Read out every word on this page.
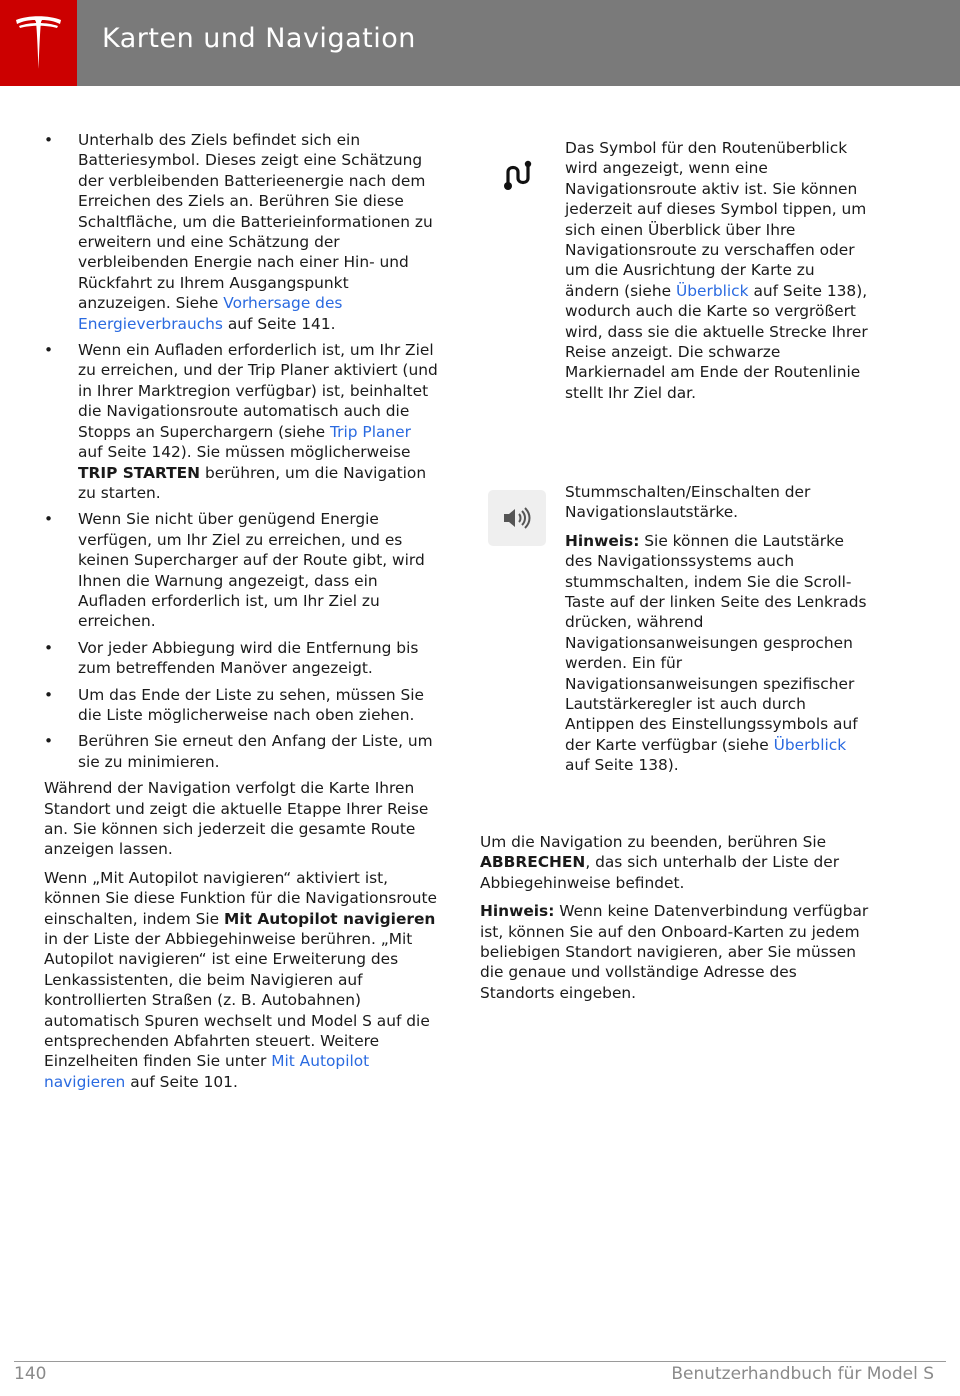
Karten und Navigation
•	Unterhalb des Ziels befindet sich ein Batteriesymbol. Dieses zeigt eine Schätzung der verbleibenden Batterieenergie nach dem Erreichen des Ziels an. Berühren Sie diese Schaltfläche, um die Batterieinformationen zu erweitern und eine Schätzung der verbleibenden Energie nach einer Hin- und Rückfahrt zu Ihrem Ausgangspunkt anzuzeigen. Siehe Vorhersage des Energieverbrauchs auf Seite 141.
•	Wenn ein Aufladen erforderlich ist, um Ihr Ziel zu erreichen, und der Trip Planer aktiviert (und in Ihrer Marktregion verfügbar) ist, beinhaltet die Navigationsroute automatisch auch die Stopps an Superchargern (siehe Trip Planer auf Seite 142). Sie müssen möglicherweise TRIP STARTEN berühren, um die Navigation zu starten.
•	Wenn Sie nicht über genügend Energie verfügen, um Ihr Ziel zu erreichen, und es keinen Supercharger auf der Route gibt, wird Ihnen die Warnung angezeigt, dass ein Aufladen erforderlich ist, um Ihr Ziel zu erreichen.
•	Vor jeder Abbiegung wird die Entfernung bis zum betreffenden Manöver angezeigt.
•	Um das Ende der Liste zu sehen, müssen Sie die Liste möglicherweise nach oben ziehen.
•	Berühren Sie erneut den Anfang der Liste, um sie zu minimieren.

Während der Navigation verfolgt die Karte Ihren Standort und zeigt die aktuelle Etappe Ihrer Reise an. Sie können sich jederzeit die gesamte Route anzeigen lassen.

Wenn „Mit Autopilot navigieren“ aktiviert ist, können Sie diese Funktion für die Navigationsroute einschalten, indem Sie Mit Autopilot navigieren in der Liste der Abbiegehinweise berühren. „Mit Autopilot navigieren“ ist eine Erweiterung des Lenkassistenten, die beim Navigieren auf kontrollierten Straßen (z. B. Autobahnen) automatisch Spuren wechselt und Model S auf die entsprechenden Abfahrten steuert. Weitere Einzelheiten finden Sie unter Mit Autopilot navigieren auf Seite 101.

Das Symbol für den Routenüberblick wird angezeigt, wenn eine Navigationsroute aktiv ist. Sie können jederzeit auf dieses Symbol tippen, um sich einen Überblick über Ihre Navigationsroute zu verschaffen oder um die Ausrichtung der Karte zu ändern (siehe Überblick auf Seite 138), wodurch auch die Karte so vergrößert wird, dass sie die aktuelle Strecke Ihrer Reise anzeigt. Die schwarze Markiernadel am Ende der Routenlinie stellt Ihr Ziel dar.

Stummschalten/Einschalten der Navigationslautstärke.

Hinweis: Sie können die Lautstärke des Navigationssystems auch stummschalten, indem Sie die Scroll-Taste auf der linken Seite des Lenkrads drücken, während Navigationsanweisungen gesprochen werden. Ein für Navigationsanweisungen spezifischer Lautstärkeregler ist auch durch Antippen des Einstellungssymbols auf der Karte verfügbar (siehe Überblick auf Seite 138).

Um die Navigation zu beenden, berühren Sie ABBRECHEN, das sich unterhalb der Liste der Abbiegehinweise befindet.

Hinweis: Wenn keine Datenverbindung verfügbar ist, können Sie auf den Onboard-Karten zu jedem beliebigen Standort navigieren, aber Sie müssen die genaue und vollständige Adresse des Standorts eingeben.

140	Benutzerhandbuch für Model S
